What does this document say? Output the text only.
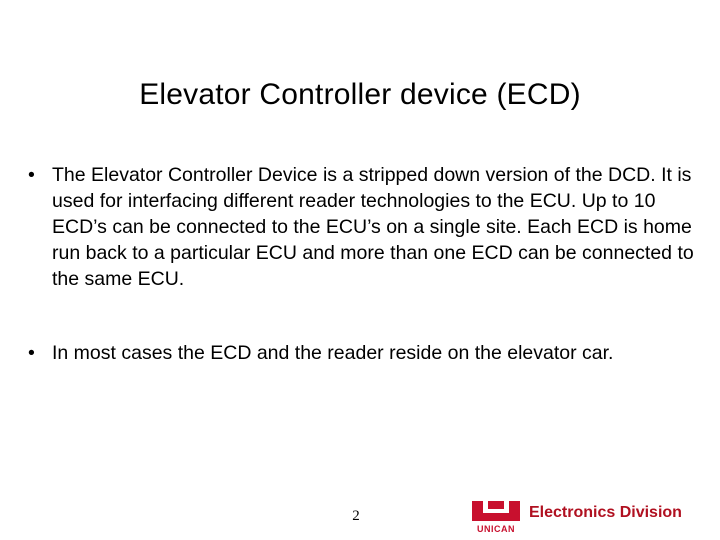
Elevator Controller device (ECD)
• The Elevator Controller Device is a stripped down version of the DCD. It is used for interfacing different reader technologies to the ECU. Up to 10 ECD’s can be connected to the ECU’s on a single site. Each ECD is home run back to a particular ECU and more than one ECD can be connected to the same ECU.
• In most cases the ECD and the reader reside on the elevator car.
2
UNICAN
Electronics Division
